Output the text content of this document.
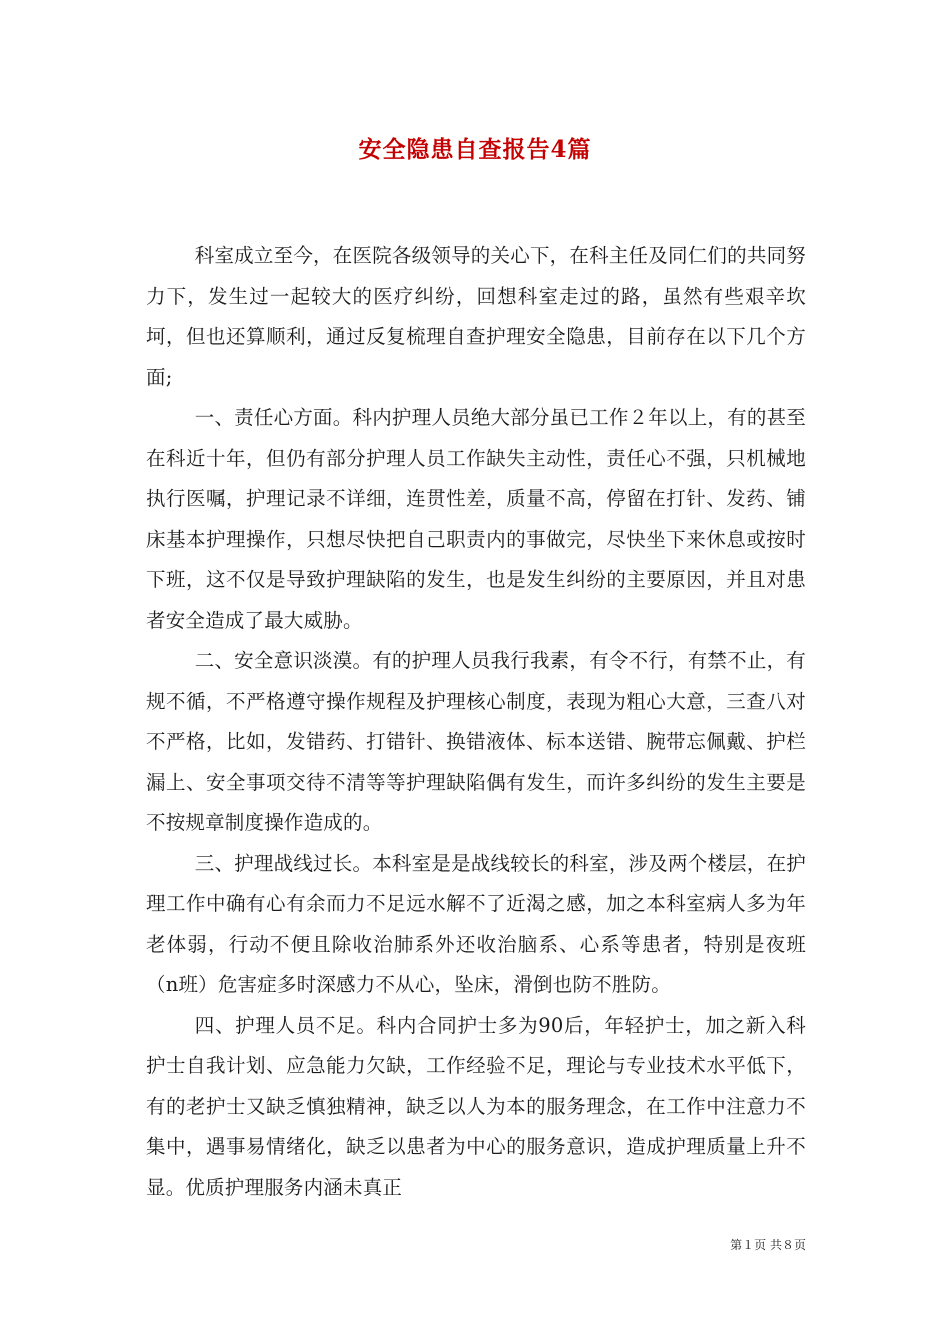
安全隐患自查报告4篇

科室成立至今，在医院各级领导的关心下，在科主任及同仁们的共同努力下，发生过一起较大的医疗纠纷，回想科室走过的路，虽然有些艰辛坎坷，但也还算顺利，通过反复梳理自查护理安全隐患，目前存在以下几个方面;

一、责任心方面。科内护理人员绝大部分虽已工作２年以上，有的甚至在科近十年，但仍有部分护理人员工作缺失主动性，责任心不强，只机械地执行医嘱，护理记录不详细，连贯性差，质量不高，停留在打针、发药、铺床基本护理操作，只想尽快把自己职责内的事做完，尽快坐下来休息或按时下班，这不仅是导致护理缺陷的发生，也是发生纠纷的主要原因，并且对患者安全造成了最大威胁。

二、安全意识淡漠。有的护理人员我行我素，有令不行，有禁不止，有规不循，不严格遵守操作规程及护理核心制度，表现为粗心大意，三查八对不严格，比如，发错药、打错针、换错液体、标本送错、腕带忘佩戴、护栏漏上、安全事项交待不清等等护理缺陷偶有发生，而许多纠纷的发生主要是不按规章制度操作造成的。

三、护理战线过长。本科室是是战线较长的科室，涉及两个楼层，在护理工作中确有心有余而力不足远水解不了近渴之感，加之本科室病人多为年老体弱，行动不便且除收治肺系外还收治脑系、心系等患者，特别是夜班（n班）危害症多时深感力不从心，坠床，滑倒也防不胜防。

四、护理人员不足。科内合同护士多为90后，年轻护士，加之新入科护士自我计划、应急能力欠缺，工作经验不足，理论与专业技术水平低下，有的老护士又缺乏慎独精神，缺乏以人为本的服务理念，在工作中注意力不集中，遇事易情绪化，缺乏以患者为中心的服务意识，造成护理质量上升不显。优质护理服务内涵未真正

第１页 共８页
